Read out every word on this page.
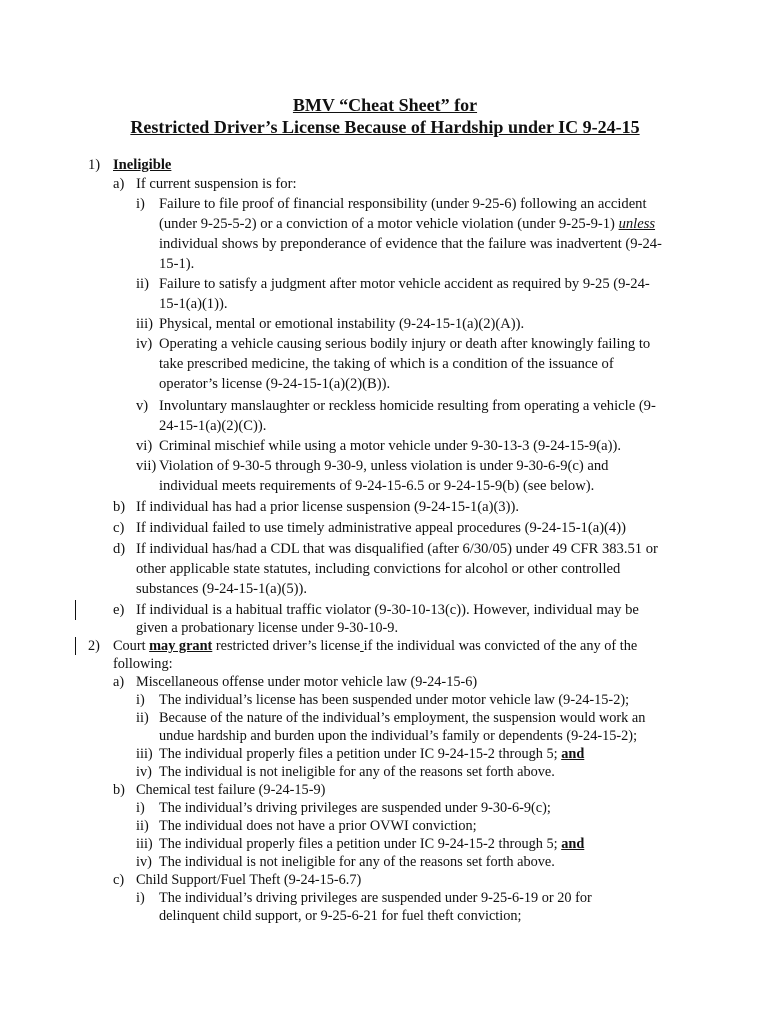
BMV “Cheat Sheet” for
Restricted Driver’s License Because of Hardship under IC 9-24-15
1) Ineligible
a) If current suspension is for:
i) Failure to file proof of financial responsibility (under 9-25-6) following an accident
(under 9-25-5-2) or a conviction of a motor vehicle violation (under 9-25-9-1) unless
individual shows by preponderance of evidence that the failure was inadvertent (9-24-
15-1).
ii) Failure to satisfy a judgment after motor vehicle accident as required by 9-25 (9-24-
15-1(a)(1)).
iii) Physical, mental or emotional instability (9-24-15-1(a)(2)(A)).
iv) Operating a vehicle causing serious bodily injury or death after knowingly failing to
take prescribed medicine, the taking of which is a condition of the issuance of
operator’s license (9-24-15-1(a)(2)(B)).
v) Involuntary manslaughter or reckless homicide resulting from operating a vehicle (9-
24-15-1(a)(2)(C)).
vi) Criminal mischief while using a motor vehicle under 9-30-13-3 (9-24-15-9(a)).
vii) Violation of 9-30-5 through 9-30-9, unless violation is under 9-30-6-9(c) and
individual meets requirements of 9-24-15-6.5 or 9-24-15-9(b) (see below).
b) If individual has had a prior license suspension (9-24-15-1(a)(3)).
c) If individual failed to use timely administrative appeal procedures (9-24-15-1(a)(4))
d) If individual has/had a CDL that was disqualified (after 6/30/05) under 49 CFR 383.51 or
other applicable state statutes, including convictions for alcohol or other controlled
substances (9-24-15-1(a)(5)).
e) If individual is a habitual traffic violator (9-30-10-13(c)). However, individual may be
given a probationary license under 9-30-10-9.
2) Court may grant restricted driver’s license if the individual was convicted of the any of the
following:
a) Miscellaneous offense under motor vehicle law (9-24-15-6)
i) The individual’s license has been suspended under motor vehicle law (9-24-15-2);
ii) Because of the nature of the individual’s employment, the suspension would work an
undue hardship and burden upon the individual’s family or dependents (9-24-15-2);
iii) The individual properly files a petition under IC 9-24-15-2 through 5; and
iv) The individual is not ineligible for any of the reasons set forth above.
b) Chemical test failure (9-24-15-9)
i) The individual’s driving privileges are suspended under 9-30-6-9(c);
ii) The individual does not have a prior OVWI conviction;
iii) The individual properly files a petition under IC 9-24-15-2 through 5; and
iv) The individual is not ineligible for any of the reasons set forth above.
c) Child Support/Fuel Theft (9-24-15-6.7)
i) The individual’s driving privileges are suspended under 9-25-6-19 or 20 for
delinquent child support, or 9-25-6-21 for fuel theft conviction;
